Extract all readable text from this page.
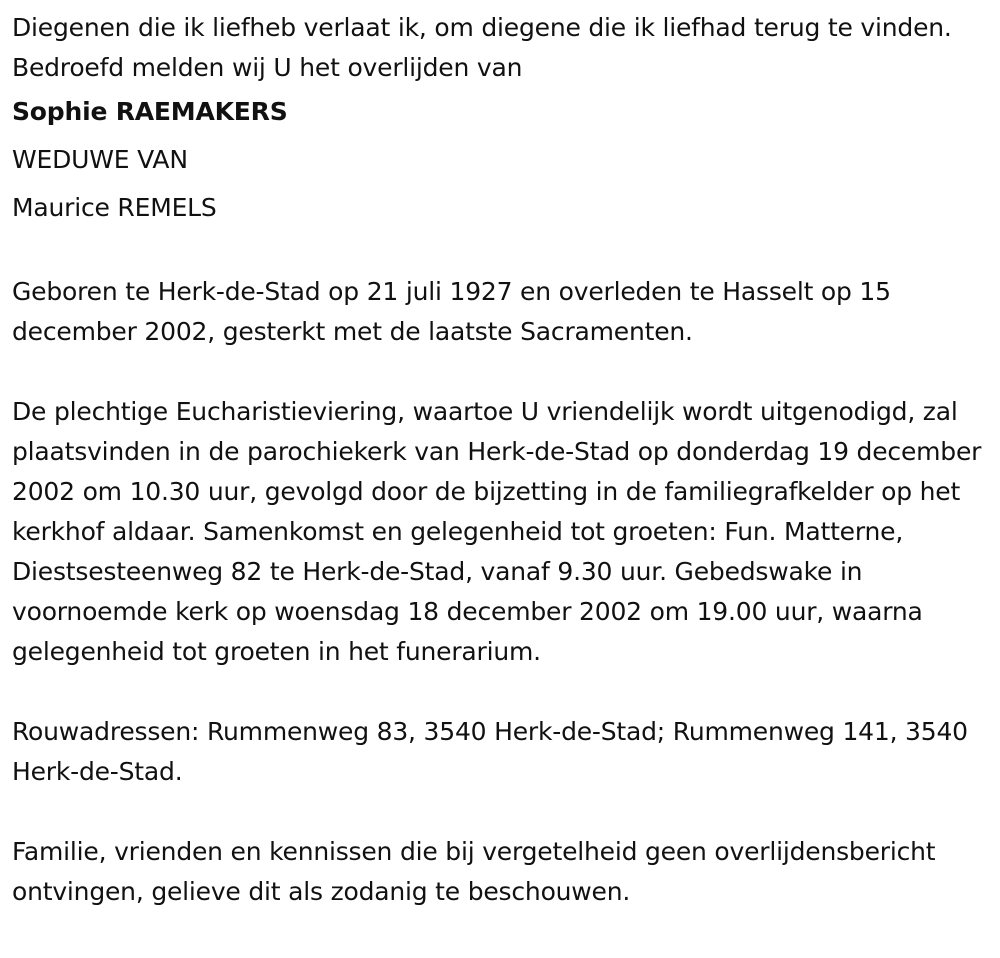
Diegenen die ik liefheb verlaat ik, om diegene die ik liefhad terug te vinden. Bedroefd melden wij U het overlijden van

Sophie RAEMAKERS

WEDUWE VAN

Maurice REMELS

Geboren te Herk-de-Stad op 21 juli 1927 en overleden te Hasselt op 15 december 2002, gesterkt met de laatste Sacramenten.

De plechtige Eucharistieviering, waartoe U vriendelijk wordt uitgenodigd, zal plaatsvinden in de parochiekerk van Herk-de-Stad op donderdag 19 december 2002 om 10.30 uur, gevolgd door de bijzetting in de familiegrafkelder op het kerkhof aldaar. Samenkomst en gelegenheid tot groeten: Fun. Matterne, Diestsesteenweg 82 te Herk-de-Stad, vanaf 9.30 uur. Gebedswake in voornoemde kerk op woensdag 18 december 2002 om 19.00 uur, waarna gelegenheid tot groeten in het funerarium.

Rouwadressen: Rummenweg 83, 3540 Herk-de-Stad; Rummenweg 141, 3540 Herk-de-Stad.

Familie, vrienden en kennissen die bij vergetelheid geen overlijdensbericht ontvingen, gelieve dit als zodanig te beschouwen.
